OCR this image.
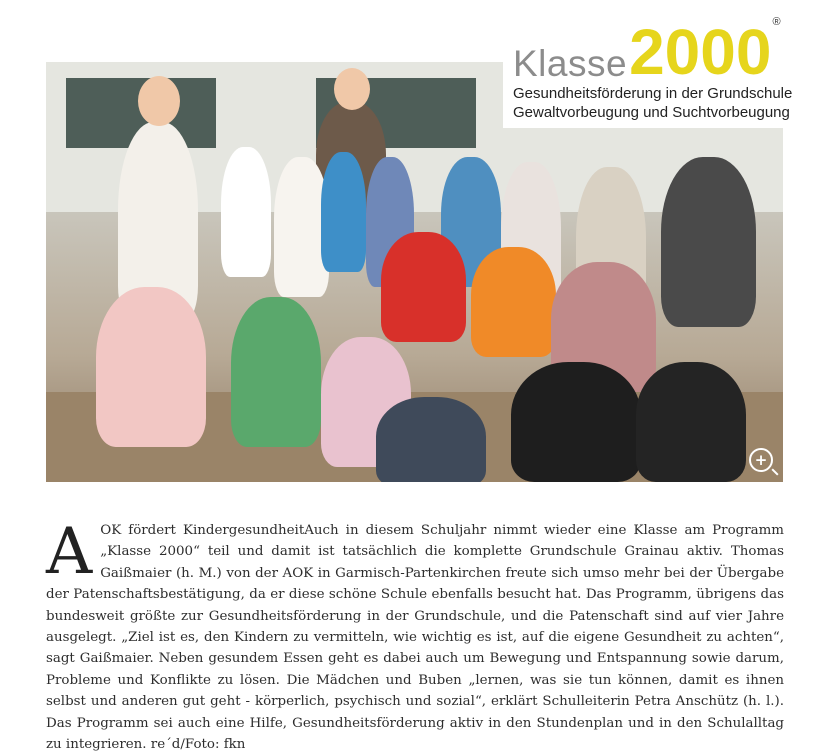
+
Klasse 2000 ®
Gesundheitsförderung in der Grundschule
Gewaltvorbeugung und Suchtvorbeugung
A OK fördert KindergesundheitAuch in diesem Schuljahr nimmt wieder eine Klasse am Programm „Klasse 2000“ teil und damit ist tatsächlich die komplette Grundschule Grainau aktiv. Thomas Gaißmaier (h. M.) von der AOK in Garmisch-Partenkirchen freute sich umso mehr bei der Übergabe der Patenschaftsbestätigung, da er diese schöne Schule ebenfalls besucht hat. Das Programm, übrigens das bundesweit größte zur Gesundheitsförderung in der Grundschule, und die Patenschaft sind auf vier Jahre ausgelegt. „Ziel ist es, den Kindern zu vermitteln, wie wichtig es ist, auf die eigene Gesundheit zu achten“, sagt Gaißmaier. Neben gesundem Essen geht es dabei auch um Bewegung und Entspannung sowie darum, Probleme und Konflikte zu lösen. Die Mädchen und Buben „lernen, was sie tun können, damit es ihnen selbst und anderen gut geht - körperlich, psychisch und sozial“, erklärt Schulleiterin Petra Anschütz (h. l.). Das Programm sei auch eine Hilfe, Gesundheitsförderung aktiv in den Stundenplan und in den Schulalltag zu integrieren. re´d/Foto: fkn
